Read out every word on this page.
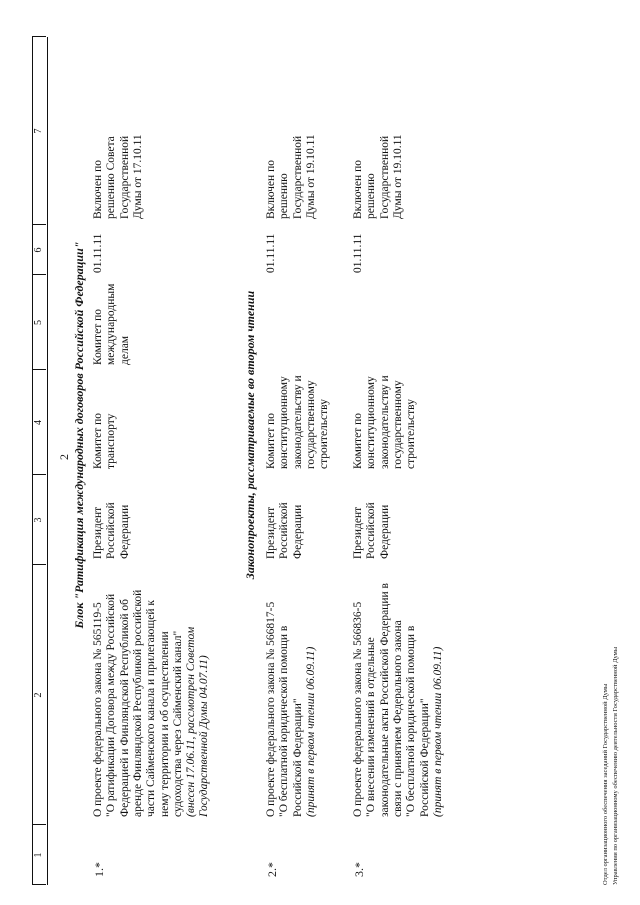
2
1
2
3
4
5
6
7
Блок "Ратификация международных договоров Российской Федерации"	Законопроекты, рассматриваемые во втором чтении
1.*
О проекте федерального закона № 565119-5 "О ратификации Договора между Российской Федерацией и Финляндской Республикой об аренде Финляндской Республикой российской части Сайменского канала и прилегающей к нему территории и об осуществлении судоходства через Сайменский канал" (внесен 17.06.11, рассмотрен Советом Государственной Думы 04.07.11)
Президент Российской Федерации
Комитет по транспорту
Комитет по международным делам
01.11.11
Включен по решению Совета Государственной Думы от 17.10.11
2.*
О проекте федерального закона № 566817-5 "О бесплатной юридической помощи в Российской Федерации" (принят в первом чтении 06.09.11)
Президент Российской Федерации
Комитет по конституционному законодательству и государственному строительству
01.11.11
Включен по решению Государственной Думы от 19.10.11
3.*
О проекте федерального закона № 566836-5 "О внесении изменений в отдельные законодательные акты Российской Федерации в связи с принятием Федерального закона "О бесплатной юридической помощи в Российской Федерации" (принят в первом чтении 06.09.11)
Президент Российской Федерации
Комитет по конституционному законодательству и государственному строительству
01.11.11
Включен по решению Государственной Думы от 19.10.11
Отдел организационного обеспечения заседаний Государственной Думы Управления по организационному обеспечению деятельности Государственной Думы
